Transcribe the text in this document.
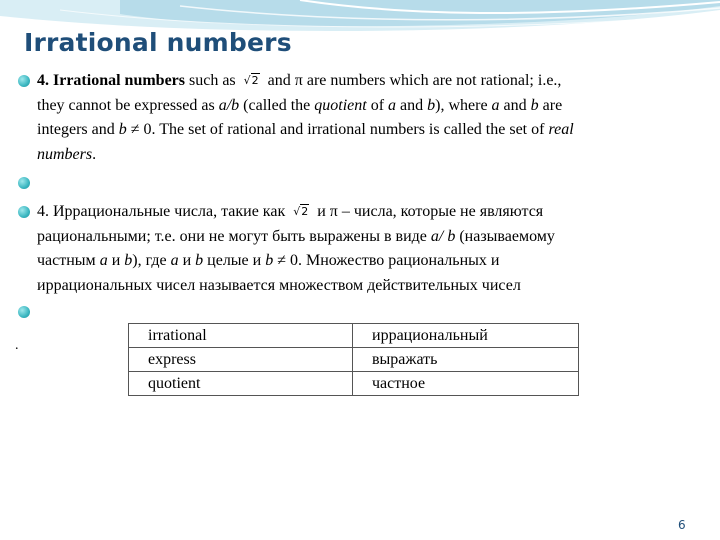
Irrational numbers
4. Irrational numbers such as √2 and π are numbers which are not rational; i.e.,
they cannot be expressed as a/b (called the quotient of a and b), where a and b are
integers and b ≠ 0. The set of rational and irrational numbers is called the set of real
numbers.
4. Иррациональные числа, такие как √2 и π – числа, которые не являются
рациональными; т.е. они не могут быть выражены в виде a/ b (называемому
частным a и b), где a и b целые и b ≠ 0. Множество рациональных и
иррациональных чисел называется множеством действительных чисел
.
irrational	иррациональный
express	выражать
quotient	частное
6
